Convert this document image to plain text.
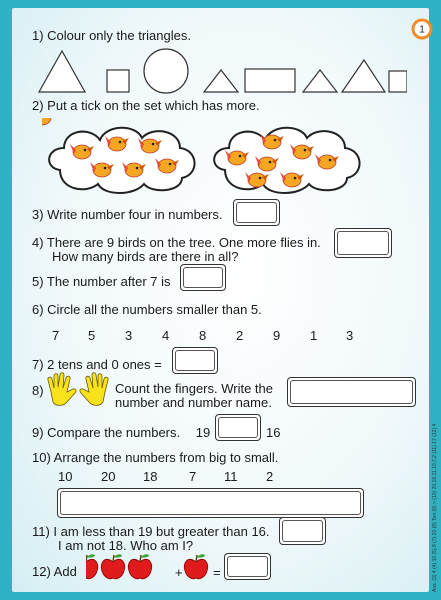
1
1) Colour only the triangles.
2) Put a tick on the set which has more.
3) Write number four in numbers.
4) There are 9 birds on the tree. One more flies in.
How many birds are there in all?
5) The number after 7 is
6) Circle all the numbers smaller than 5.
7 5 3 4 8 2 9 1 3
7) 2 tens and 0 ones =
8)	Count the fingers. Write the
number and number name.
9) Compare the numbers. 19	16
10) Arrange the numbers from big to small.
10 20 18 7 11 2
11) I am less than 19 but greater than 16.
I am not 18. Who am I?
12) Add	+ =	Ans. (3) 4 (4) 10 (5) 8 (7) 20 (8) Ten (9) > (10) 20,18,11,10,7,2 (11) 17 (12) 4
